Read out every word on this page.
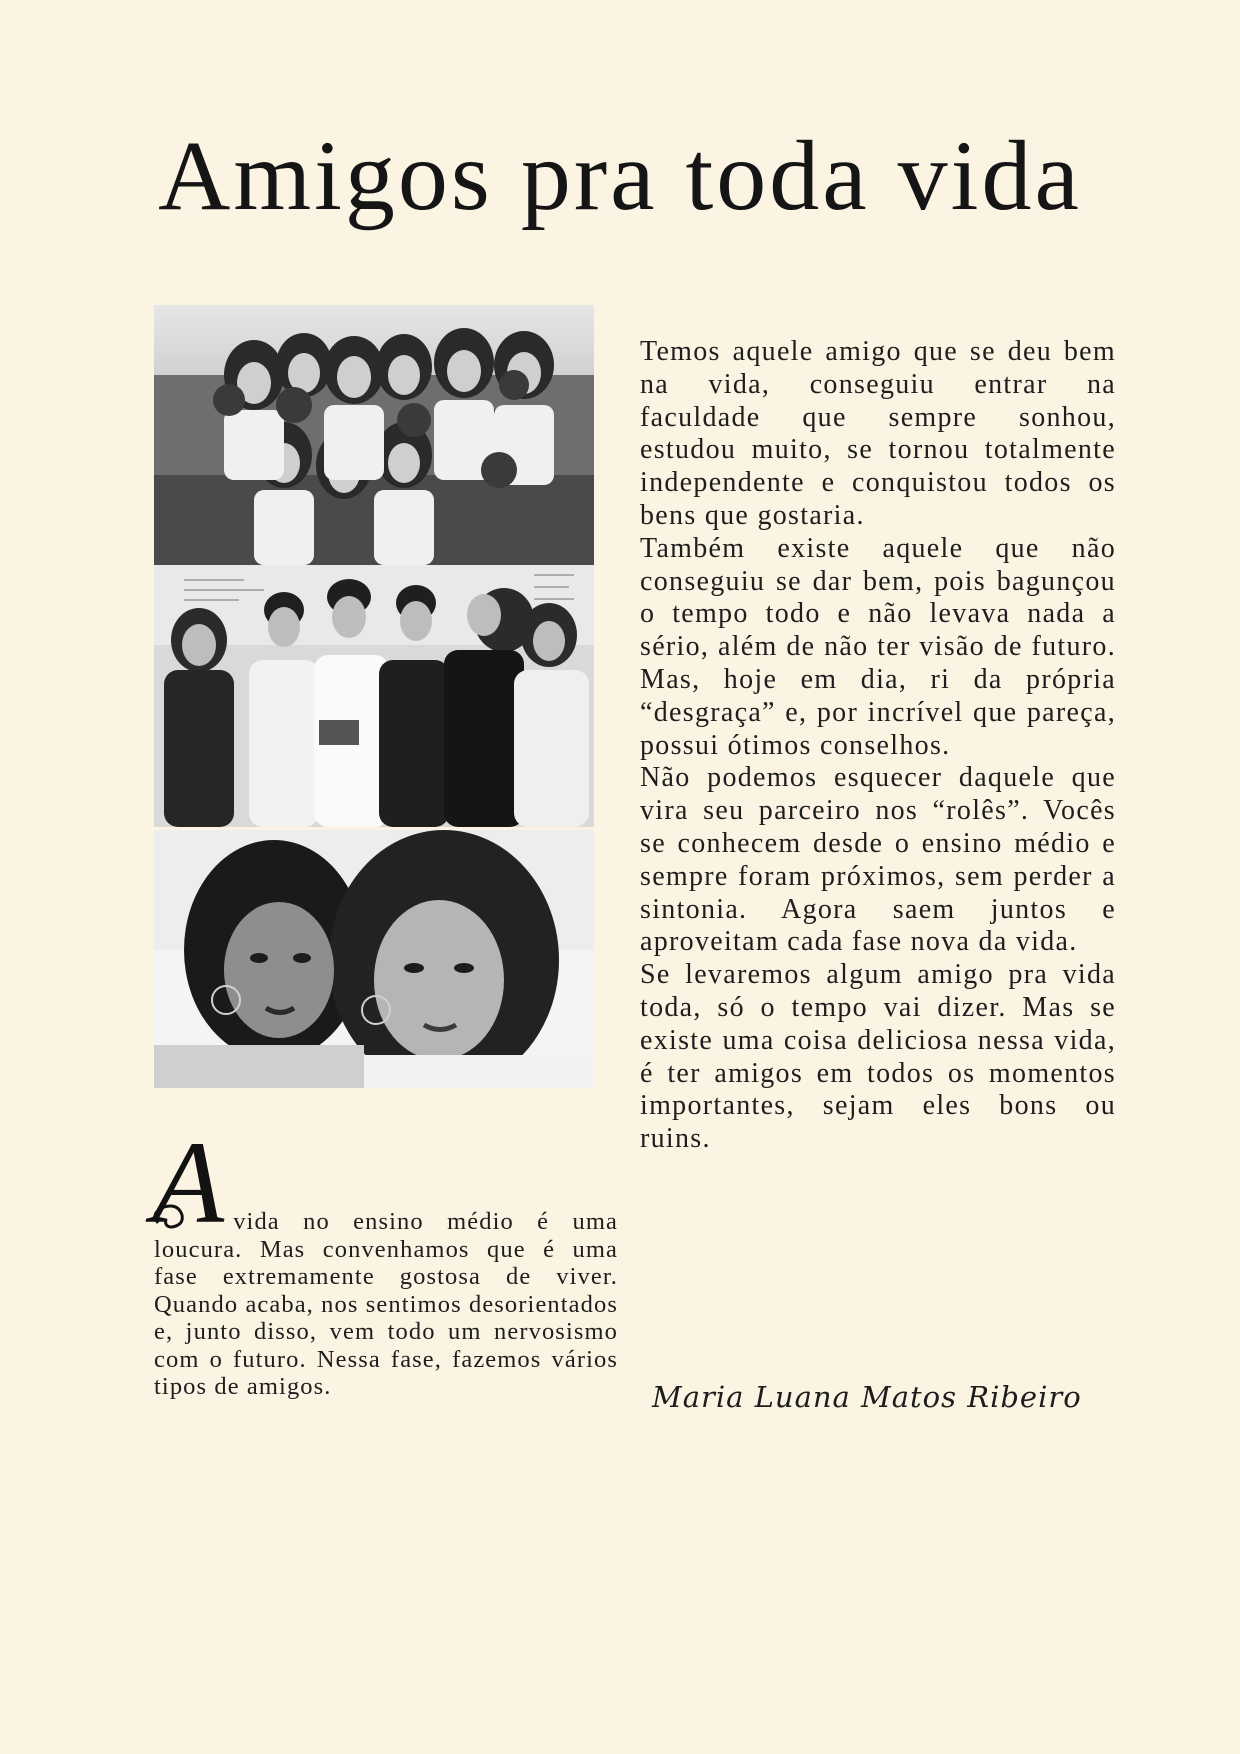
Amigos pra toda vida

Temos aquele amigo que se deu bem na vida, conseguiu entrar na faculdade que sempre sonhou, estudou muito, se tornou totalmente independente e conquistou todos os bens que gostaria.

Também existe aquele que não conseguiu se dar bem, pois bagunçou o tempo todo e não levava nada a sério, além de não ter visão de futuro. Mas, hoje em dia, ri da própria “desgraça” e, por incrível que pareça, possui ótimos conselhos.

Não podemos esquecer daquele que vira seu parceiro nos “rolês”. Vocês se conhecem desde o ensino médio e sempre foram próximos, sem perder a sintonia. Agora saem juntos e aproveitam cada fase nova da vida.

Se levaremos algum amigo pra vida toda, só o tempo vai dizer. Mas se existe uma coisa deliciosa nessa vida, é ter amigos em todos os momentos importantes, sejam eles bons ou ruins.

A vida no ensino médio é uma loucura. Mas convenhamos que é uma fase extremamente gostosa de viver. Quando acaba, nos sentimos desorientados e, junto disso, vem todo um nervosismo com o futuro. Nessa fase, fazemos vários tipos de amigos.	Maria Luana Matos Ribeiro
